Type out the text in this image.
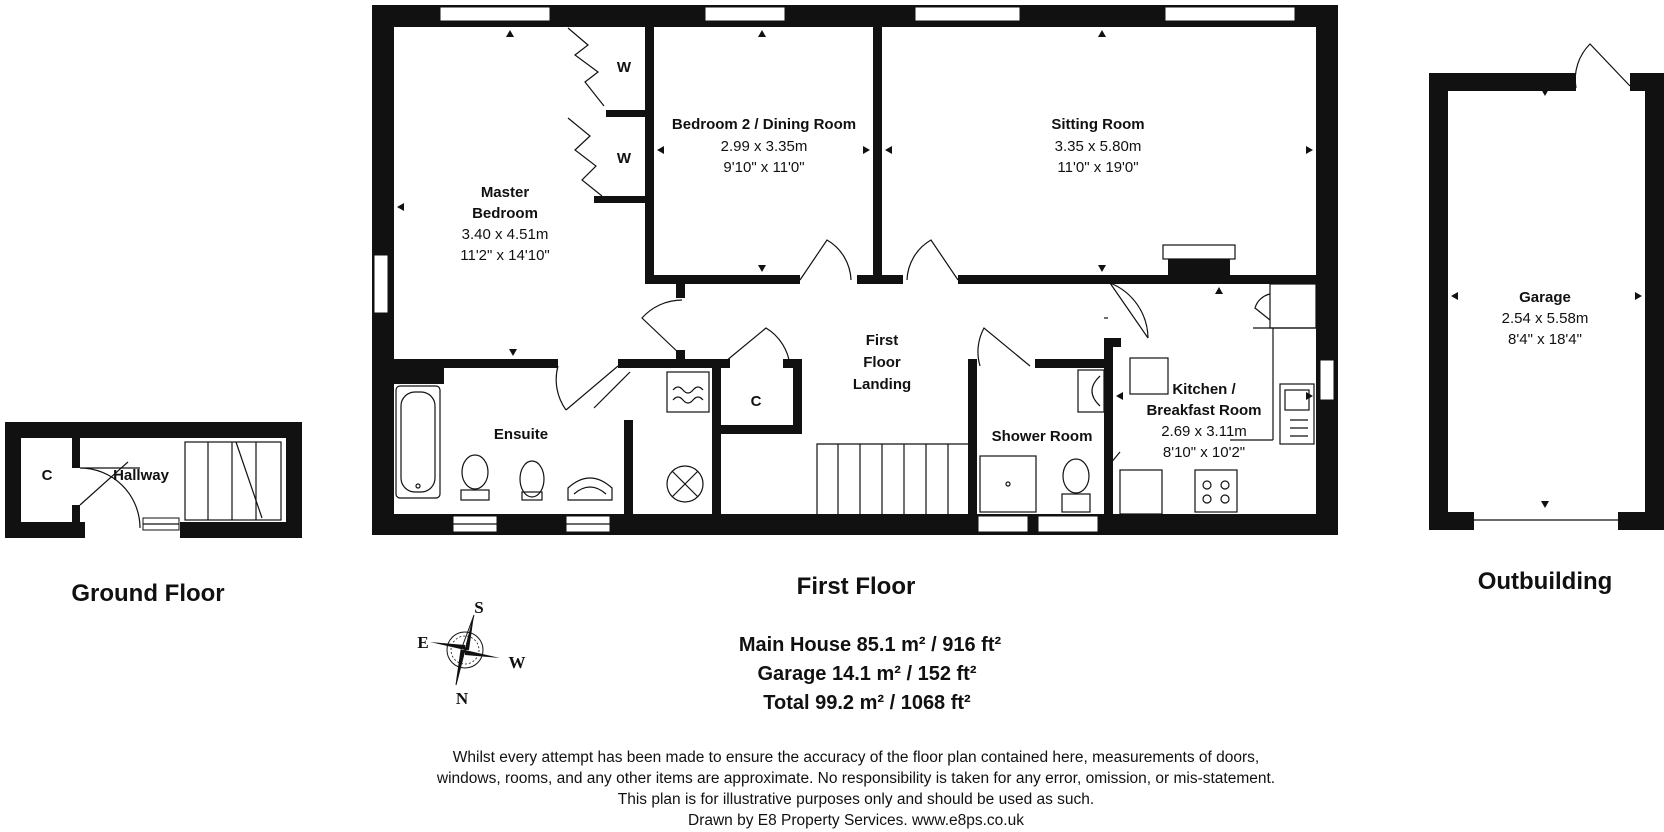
C	Hallway
Ground Floor
Master
Bedroom
3.40 x 4.51m
11'2" x 14'10"
W
W
Bedroom 2 / Dining Room
2.99 x 3.35m
9'10" x 11'0"
Sitting Room
3.35 x 5.80m
11'0" x 19'0"
First
Floor
Landing
C
Ensuite	Shower Room
Kitchen /
Breakfast Room
2.69 x 3.11m
8'10" x 10'2"
First Floor
Garage
2.54 x 5.58m
8'4" x 18'4"
Outbuilding
S
N
E
W
Main House 85.1 m² / 916 ft²
Garage 14.1 m² / 152 ft²
Total 99.2 m² / 1068 ft²
Whilst every attempt has been made to ensure the accuracy of the floor plan contained here, measurements of doors,
windows, rooms, and any other items are approximate. No responsibility is taken for any error, omission, or mis-statement.
This plan is for illustrative purposes only and should be used as such.
Drawn by E8 Property Services. www.e8ps.co.uk
